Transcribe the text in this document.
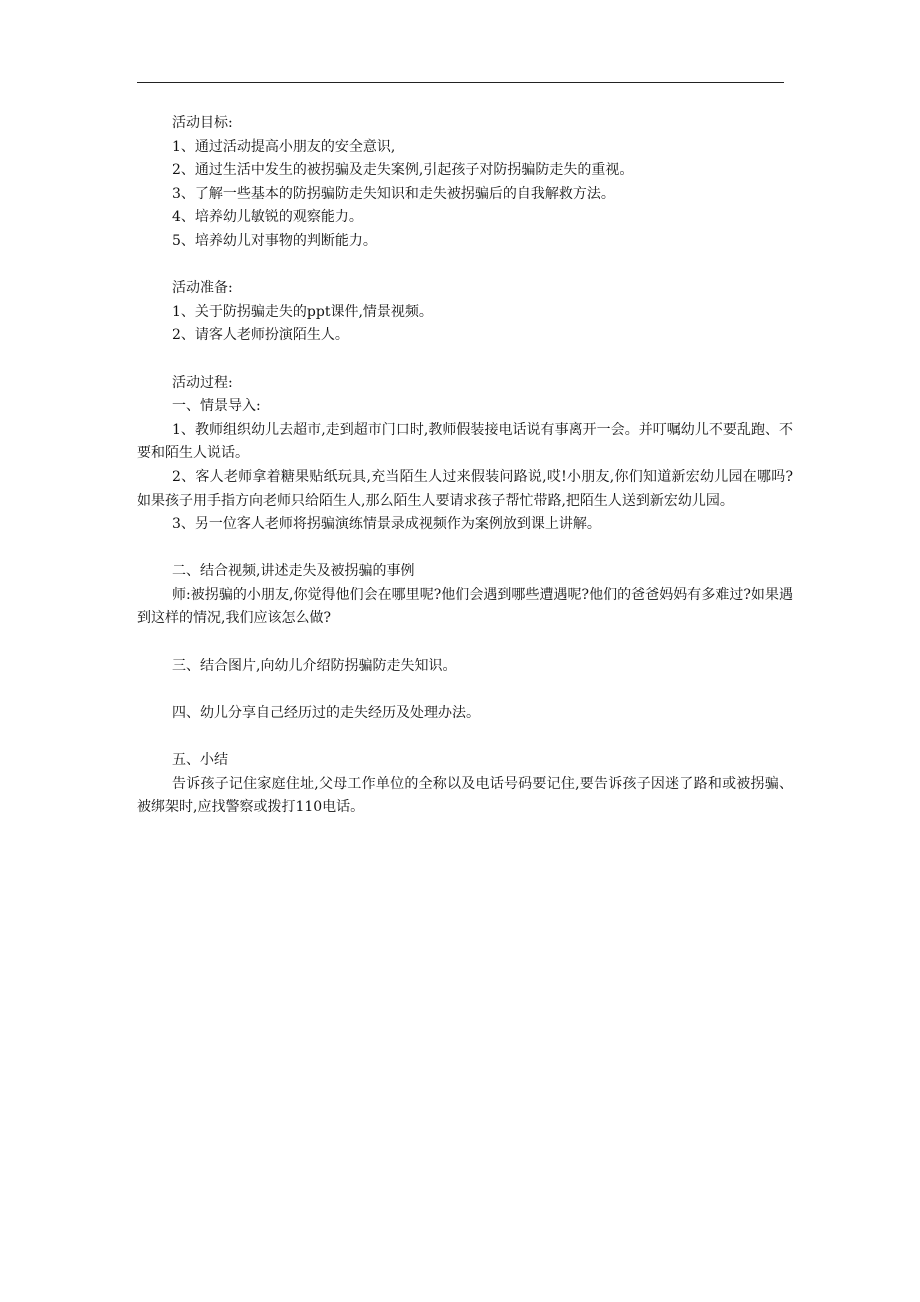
活动目标:
1、通过活动提高小朋友的安全意识,
2、通过生活中发生的被拐骗及走失案例,引起孩子对防拐骗防走失的重视。
3、了解一些基本的防拐骗防走失知识和走失被拐骗后的自我解救方法。
4、培养幼儿敏锐的观察能力。
5、培养幼儿对事物的判断能力。
活动准备:
1、关于防拐骗走失的ppt课件,情景视频。
2、请客人老师扮演陌生人。
活动过程:
一、情景导入:
1、教师组织幼儿去超市,走到超市门口时,教师假装接电话说有事离开一会。并叮嘱幼儿不要乱跑、不要和陌生人说话。
2、客人老师拿着糖果贴纸玩具,充当陌生人过来假装问路说,哎!小朋友,你们知道新宏幼儿园在哪吗?如果孩子用手指方向老师只给陌生人,那么陌生人要请求孩子帮忙带路,把陌生人送到新宏幼儿园。
3、另一位客人老师将拐骗演练情景录成视频作为案例放到课上讲解。
二、结合视频,讲述走失及被拐骗的事例
师:被拐骗的小朋友,你觉得他们会在哪里呢?他们会遇到哪些遭遇呢?他们的爸爸妈妈有多难过?如果遇到这样的情况,我们应该怎么做?
三、结合图片,向幼儿介绍防拐骗防走失知识。
四、幼儿分享自己经历过的走失经历及处理办法。
五、小结
告诉孩子记住家庭住址,父母工作单位的全称以及电话号码要记住,要告诉孩子因迷了路和或被拐骗、被绑架时,应找警察或拨打110电话。
